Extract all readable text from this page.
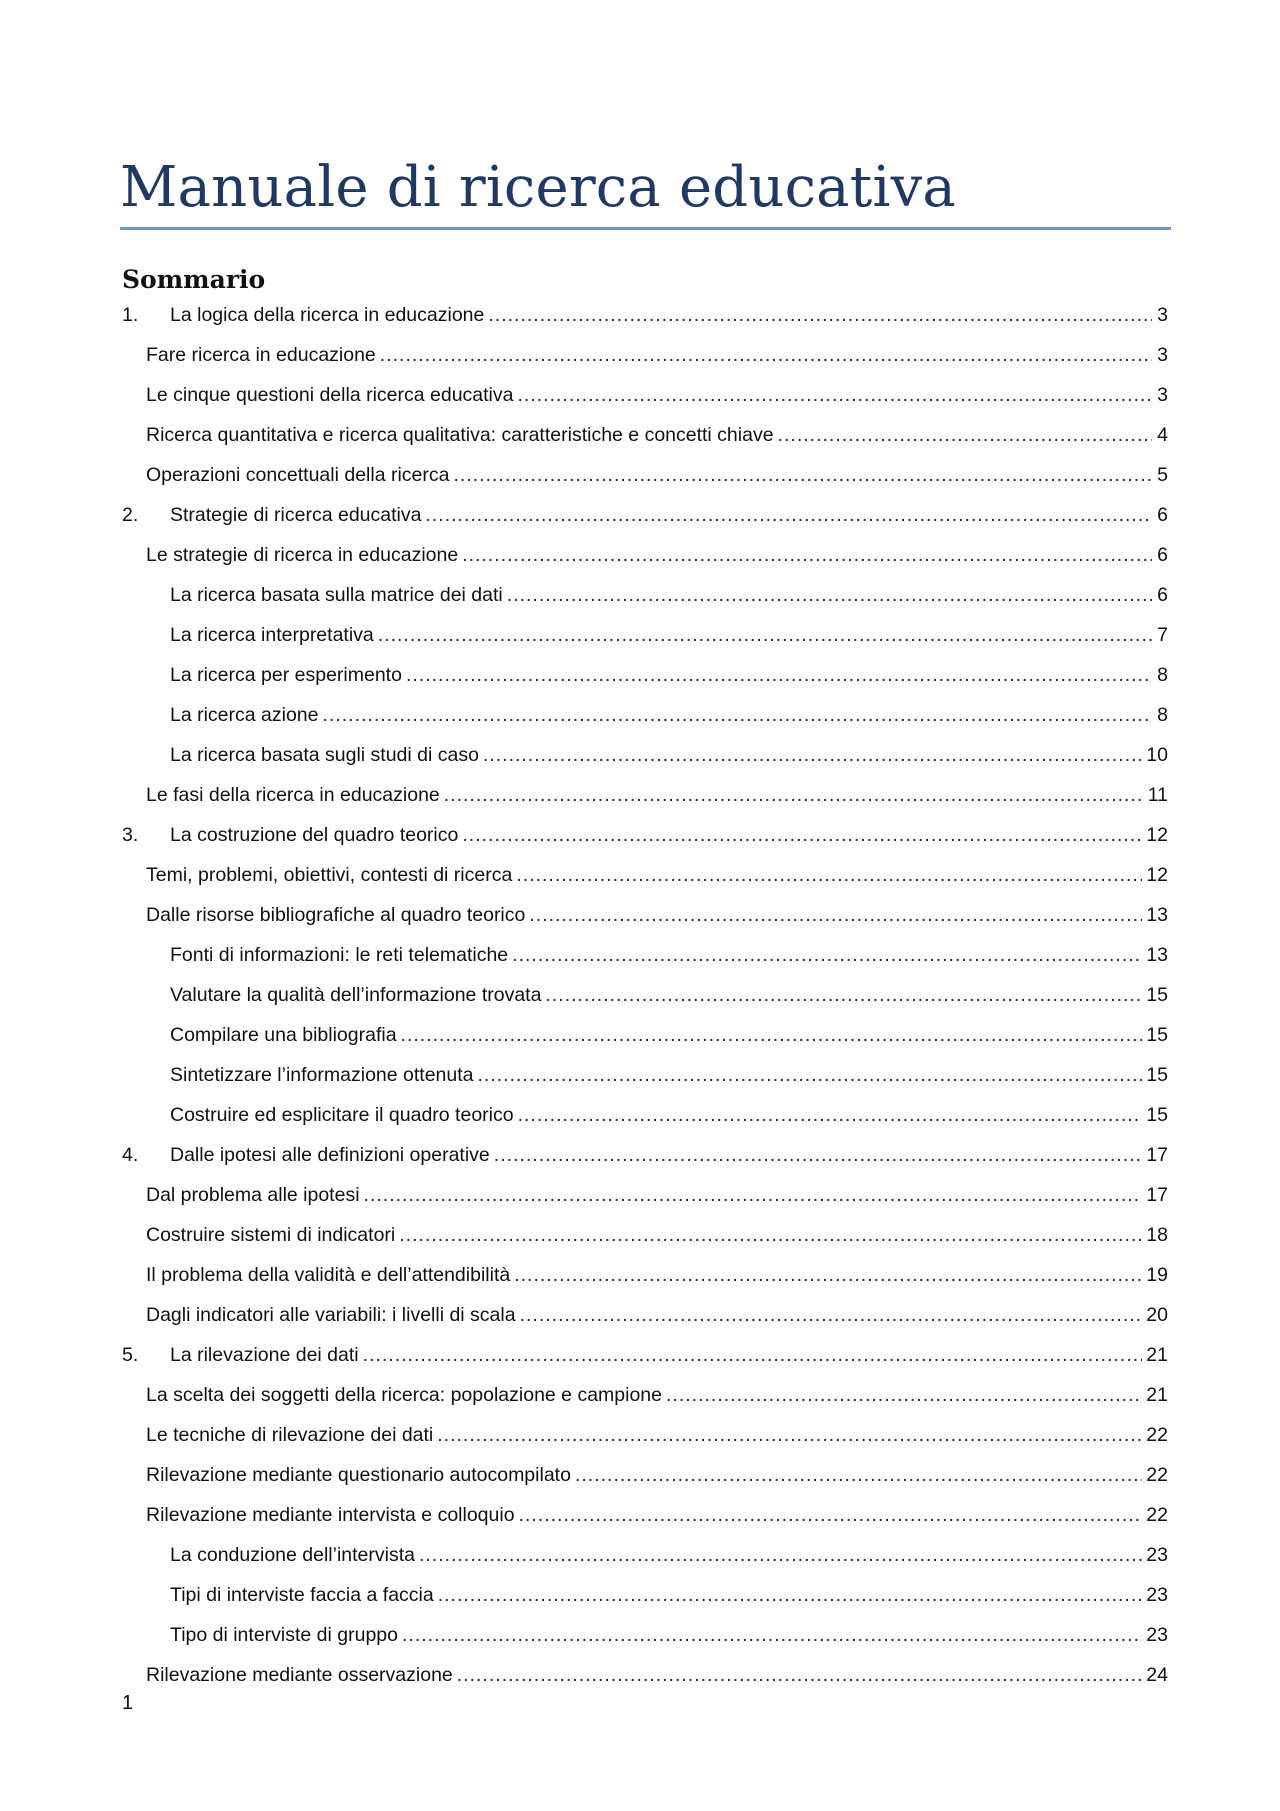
Manuale di ricerca educativa
Sommario
1.	La logica della ricerca in educazione .....	3
Fare ricerca in educazione .....	3
Le cinque questioni della ricerca educativa .....	3
Ricerca quantitativa e ricerca qualitativa: caratteristiche e concetti chiave .....	4
Operazioni concettuali della ricerca .....	5
2.	Strategie di ricerca educativa .....	6
Le strategie di ricerca in educazione .....	6
La ricerca basata sulla matrice dei dati .....	6
La ricerca interpretativa .....	7
La ricerca per esperimento .....	8
La ricerca azione .....	8
La ricerca basata sugli studi di caso .....	10
Le fasi della ricerca in educazione .....	11
3.	La costruzione del quadro teorico .....	12
Temi, problemi, obiettivi, contesti di ricerca .....	12
Dalle risorse bibliografiche al quadro teorico .....	13
Fonti di informazioni: le reti telematiche .....	13
Valutare la qualità dell’informazione trovata .....	15
Compilare una bibliografia .....	15
Sintetizzare l’informazione ottenuta .....	15
Costruire ed esplicitare il quadro teorico .....	15
4.	Dalle ipotesi alle definizioni operative .....	17
Dal problema alle ipotesi .....	17
Costruire sistemi di indicatori .....	18
Il problema della validità e dell’attendibilità .....	19
Dagli indicatori alle variabili: i livelli di scala .....	20
5.	La rilevazione dei dati .....	21
La scelta dei soggetti della ricerca: popolazione e campione .....	21
Le tecniche di rilevazione dei dati .....	22
Rilevazione mediante questionario autocompilato .....	22
Rilevazione mediante intervista e colloquio .....	22
La conduzione dell’intervista .....	23
Tipi di interviste faccia a faccia .....	23
Tipo di interviste di gruppo .....	23
Rilevazione mediante osservazione .....	24
1
